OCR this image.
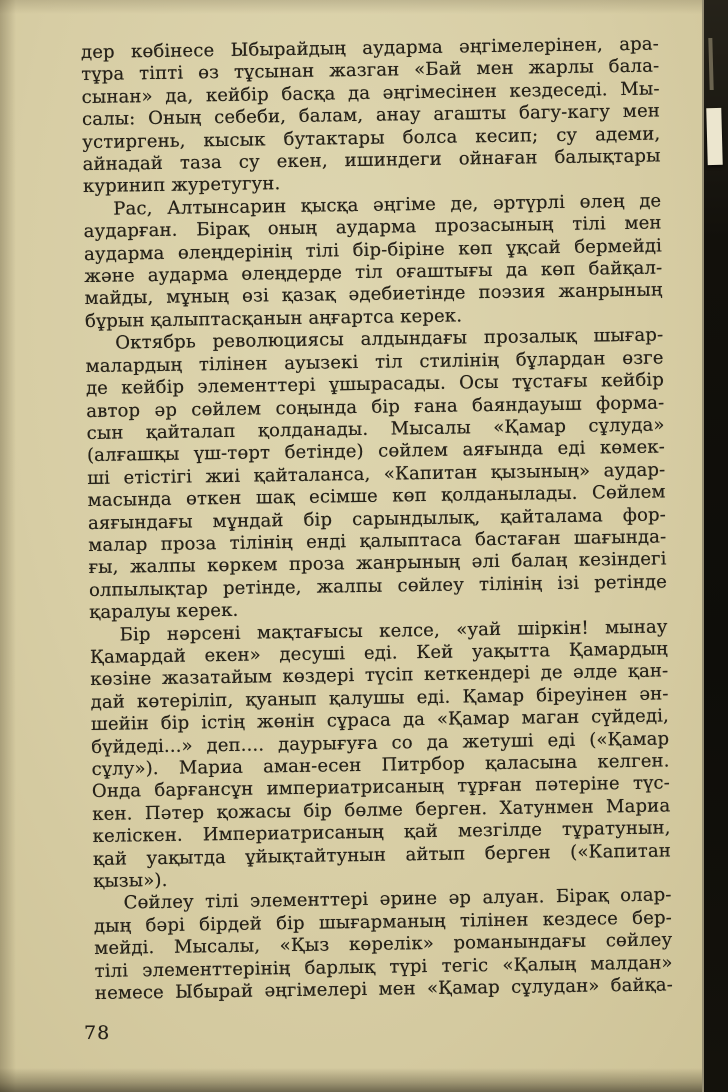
дер көбінесе Ыбырайдың аударма әңгімелерінен, ара-
тұра тіпті өз тұсынан жазган «Бай мен жарлы бала-
сынан» да, кейбір басқа да әңгімесінен кездеседі. Мы-
салы: Оның себеби, балам, анау агашты багу-кагу мен
устиргень, кысык бутактары болса кесип; су адеми,
айнадай таза су екен, ишиндеги ойнаған балықтары
куринип журетугун.

Рас, Алтынсарин қысқа әңгіме де, әртүрлі өлең де
аударған. Бірақ оның аударма прозасының тілі мен
аударма өлеңдерінің тілі бір-біріне көп ұқсай бермейді
және аударма өлеңдерде тіл оғаштығы да көп байқал-
майды, мұның өзі қазақ әдебиетінде поэзия жанрының
бұрын қалыптасқанын аңғартса керек.

Октябрь революциясы алдындағы прозалық шығар-
малардың тілінен ауызекі тіл стилінің бұлардан өзге
де кейбір элементтері ұшырасады. Осы тұстағы кейбір
автор әр сөйлем соңында бір ғана баяндауыш форма-
сын қайталап қолданады. Мысалы «Қамар сұлуда»
(алғашқы үш-төрт бетінде) сөйлем аяғында еді көмек-
ші етістігі жиі қайталанса, «Капитан қызының» аудар-
масында өткен шақ есімше көп қолданылады. Сөйлем
аяғындағы мұндай бір сарындылық, қайталама фор-
малар проза тілінің енді қалыптаса бастаған шағында-
ғы, жалпы көркем проза жанрының әлі балаң кезіндегі
олпылықтар ретінде, жалпы сөйлеу тілінің ізі ретінде
қаралуы керек.

Бір нәрсені мақтағысы келсе, «уай шіркін! мынау
Қамардай екен» десуші еді. Кей уақытта Қамардың
көзіне жазатайым көздері түсіп кеткендері де әлде қан-
дай көтеріліп, қуанып қалушы еді. Қамар біреуінен ән-
шейін бір істің жөнін сұраса да «Қамар маган сүйдеді,
бүйдеді...» деп.... даурығуға со да жетуші еді («Қамар
сұлу»). Мариа аман-есен Питрбор қаласына келген.
Онда барғансұн империатрисаның тұрған пәтеріне түс-
кен. Пәтер қожасы бір бөлме берген. Хатунмен Мариа
келіскен. Империатрисаның қай мезгілде тұратунын,
қай уақытда ұйықтайтунын айтып берген («Капитан
қызы»).

Сөйлеу тілі элементтері әрине әр алуан. Бірақ олар-
дың бәрі бірдей бір шығарманың тілінен кездесе бер-
мейді. Мысалы, «Қыз көрелік» романындағы сөйлеу
тілі элементтерінің барлық түрі тегіс «Қалың малдан»
немесе Ыбырай әңгімелері мен «Қамар сұлудан» байқа-

78
